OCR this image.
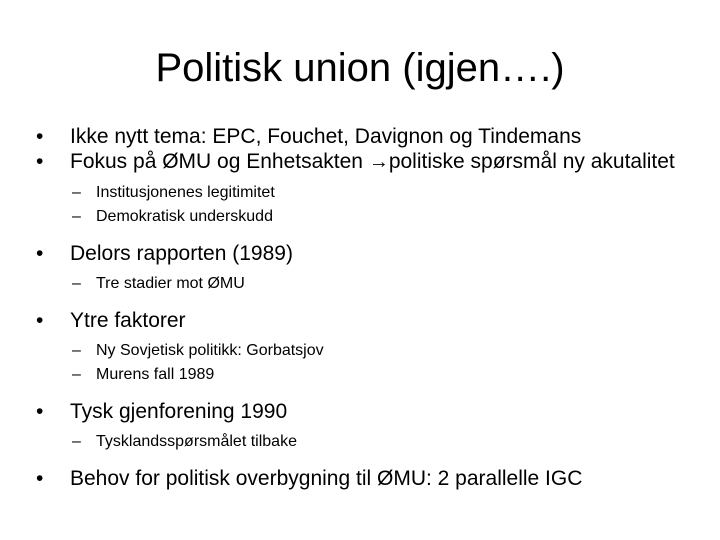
Politisk union (igjen….)
• Ikke nytt tema: EPC, Fouchet, Davignon og Tindemans
• Fokus på ØMU og Enhetsakten →politiske spørsmål ny akutalitet
– Institusjonenes legitimitet
– Demokratisk underskudd
• Delors rapporten (1989)
– Tre stadier mot ØMU
• Ytre faktorer
– Ny Sovjetisk politikk: Gorbatsjov
– Murens fall 1989
• Tysk gjenforening 1990
– Tysklandsspørsmålet tilbake
• Behov for politisk overbygning til ØMU: 2 parallelle IGC
